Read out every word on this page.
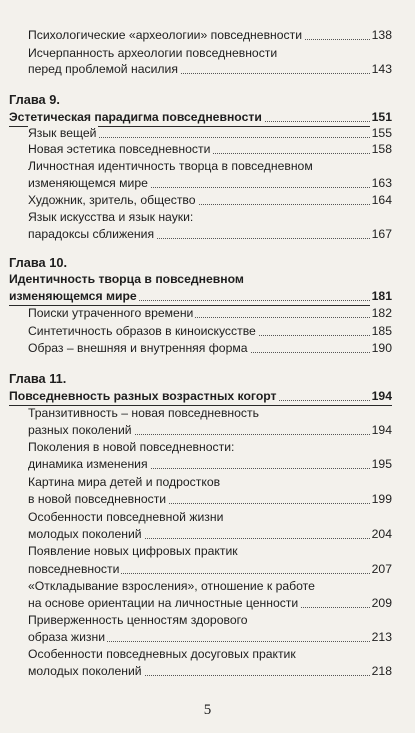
Психологические «археологии» повседневности	138
Исчерпанность археологии повседневности
перед проблемой насилия	143
Глава 9.
Эстетическая парадигма повседневности	151
Язык вещей	155
Новая эстетика повседневности	158
Личностная идентичность творца в повседневном
изменяющемся мире	163
Художник, зритель, общество	164
Язык искусства и язык науки:
парадоксы сближения	167
Глава 10.
Идентичность творца в повседневном
изменяющемся мире	181
Поиски утраченного времени	182
Синтетичность образов в киноискусстве	185
Образ – внешняя и внутренняя форма	190
Глава 11.
Повседневность разных возрастных когорт	194
Транзитивность – новая повседневность
разных поколений	194
Поколения в новой повседневности:
динамика изменения	195
Картина мира детей и подростков
в новой повседневности	199
Особенности повседневной жизни
молодых поколений	204
Появление новых цифровых практик
повседневности	207
«Откладывание взросления», отношение к работе
на основе ориентации на личностные ценности	209
Приверженность ценностям здорового
образа жизни	213
Особенности повседневных досуговых практик
молодых поколений	218
5
